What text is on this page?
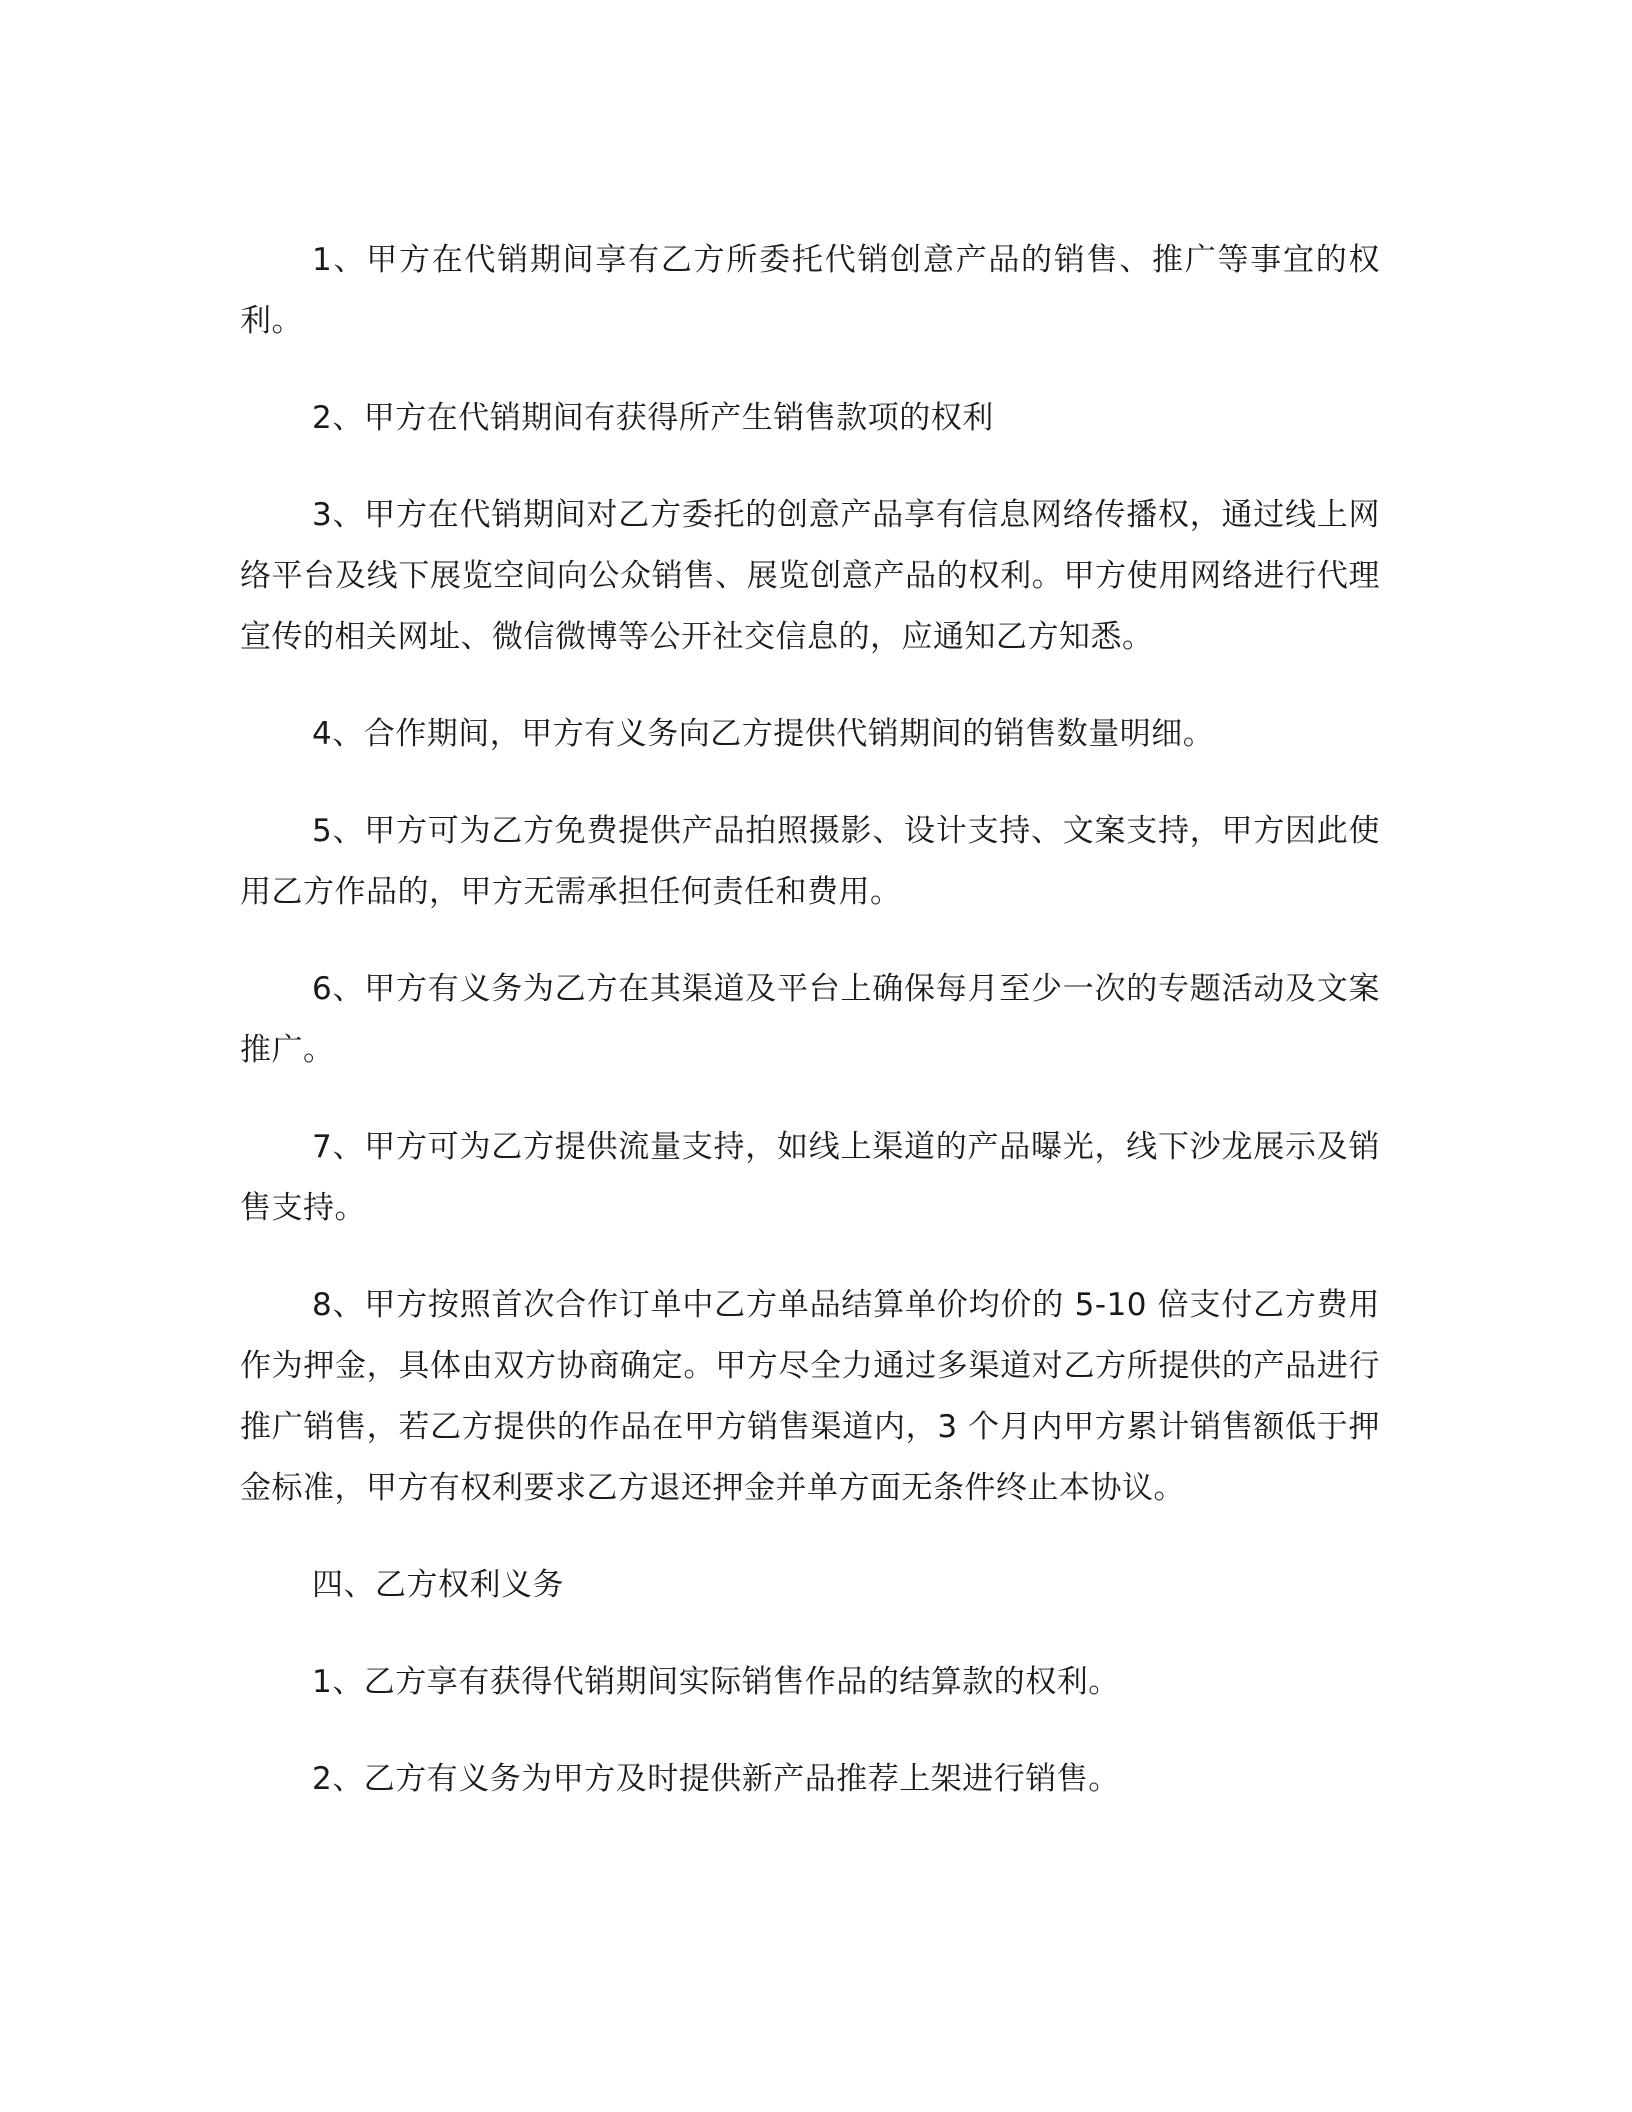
1、甲方在代销期间享有乙方所委托代销创意产品的销售、推广等事宜的权利。

2、甲方在代销期间有获得所产生销售款项的权利

3、甲方在代销期间对乙方委托的创意产品享有信息网络传播权，通过线上网络平台及线下展览空间向公众销售、展览创意产品的权利。甲方使用网络进行代理宣传的相关网址、微信微博等公开社交信息的，应通知乙方知悉。

4、合作期间，甲方有义务向乙方提供代销期间的销售数量明细。

5、甲方可为乙方免费提供产品拍照摄影、设计支持、文案支持，甲方因此使用乙方作品的，甲方无需承担任何责任和费用。

6、甲方有义务为乙方在其渠道及平台上确保每月至少一次的专题活动及文案推广。

7、甲方可为乙方提供流量支持，如线上渠道的产品曝光，线下沙龙展示及销售支持。

8、甲方按照首次合作订单中乙方单品结算单价均价的 5-10 倍支付乙方费用作为押金，具体由双方协商确定。甲方尽全力通过多渠道对乙方所提供的产品进行推广销售，若乙方提供的作品在甲方销售渠道内，3 个月内甲方累计销售额低于押金标准，甲方有权利要求乙方退还押金并单方面无条件终止本协议。

四、乙方权利义务

1、乙方享有获得代销期间实际销售作品的结算款的权利。

2、乙方有义务为甲方及时提供新产品推荐上架进行销售。
